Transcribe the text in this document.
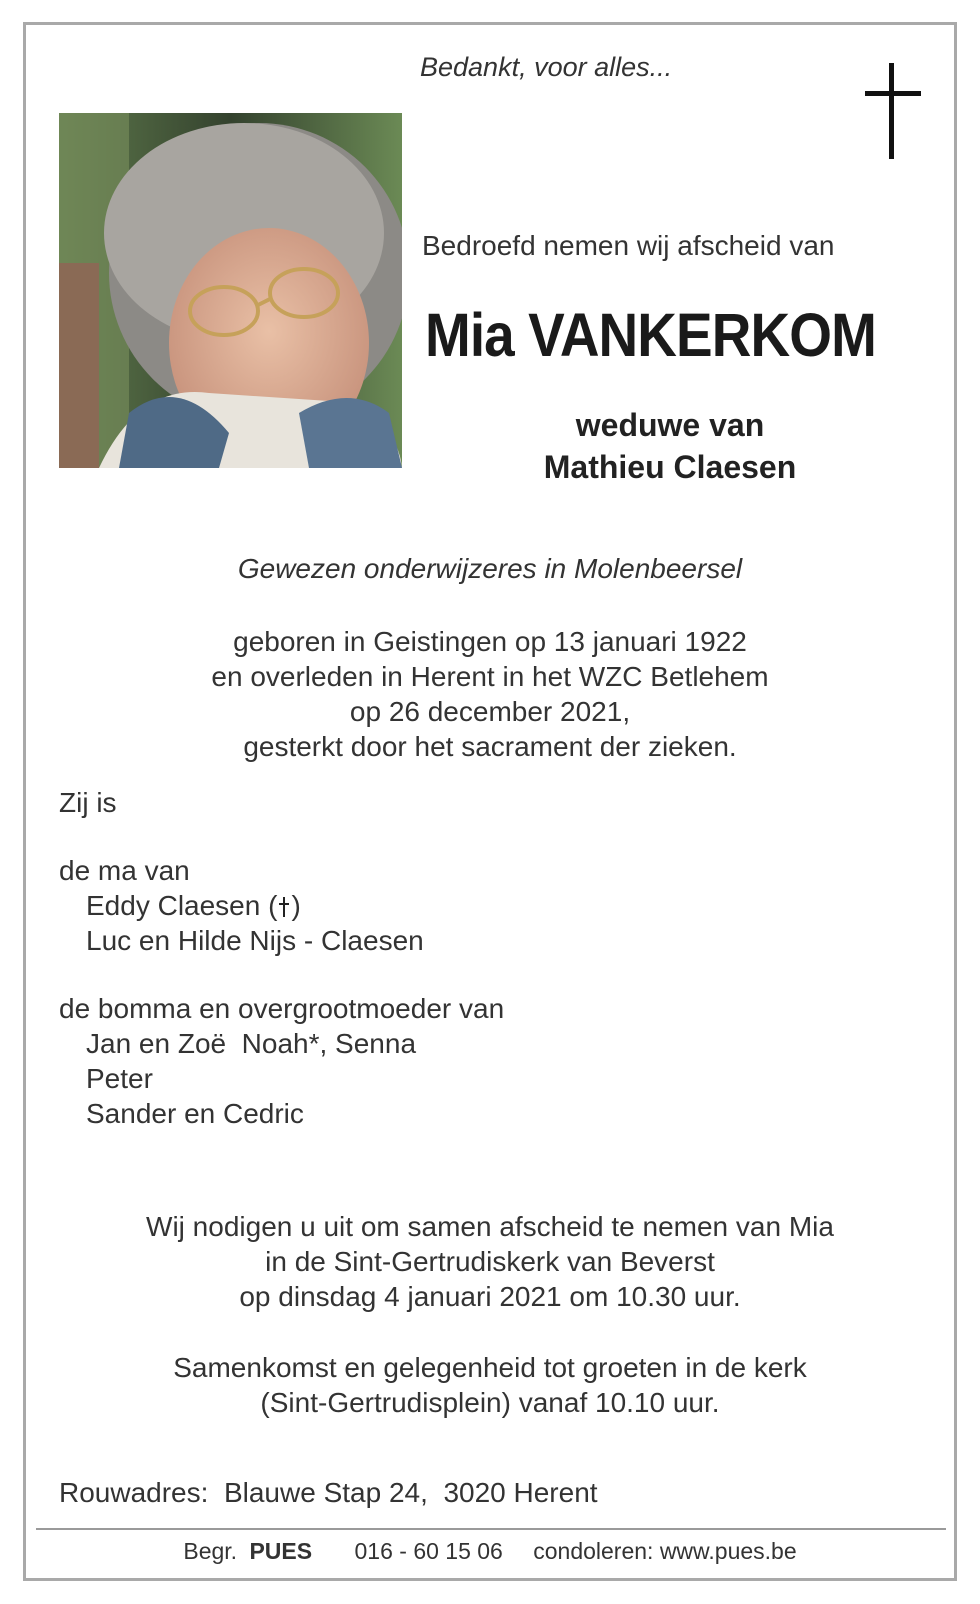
Bedankt, voor alles...
Bedroefd nemen wij afscheid van
Mia VANKERKOM
weduwe van
Mathieu Claesen
Gewezen onderwijzeres in Molenbeersel
geboren in Geistingen op 13 januari 1922
en overleden in Herent in het WZC Betlehem
op 26 december 2021,
gesterkt door het sacrament der zieken.
Zij is
de ma van
Eddy Claesen ( )
Luc en Hilde Nijs - Claesen
de bomma en overgrootmoeder van
Jan en Zoë  Noah*, Senna
Peter
Sander en Cedric
Wij nodigen u uit om samen afscheid te nemen van Mia
in de Sint-Gertrudiskerk van Beverst
op dinsdag 4 januari 2021 om 10.30 uur.
Samenkomst en gelegenheid tot groeten in de kerk
(Sint-Gertrudisplein) vanaf 10.10 uur.
Rouwadres:  Blauwe Stap 24,  3020 Herent
Begr. PUES 016 - 60 15 06 condoleren: www.pues.be
